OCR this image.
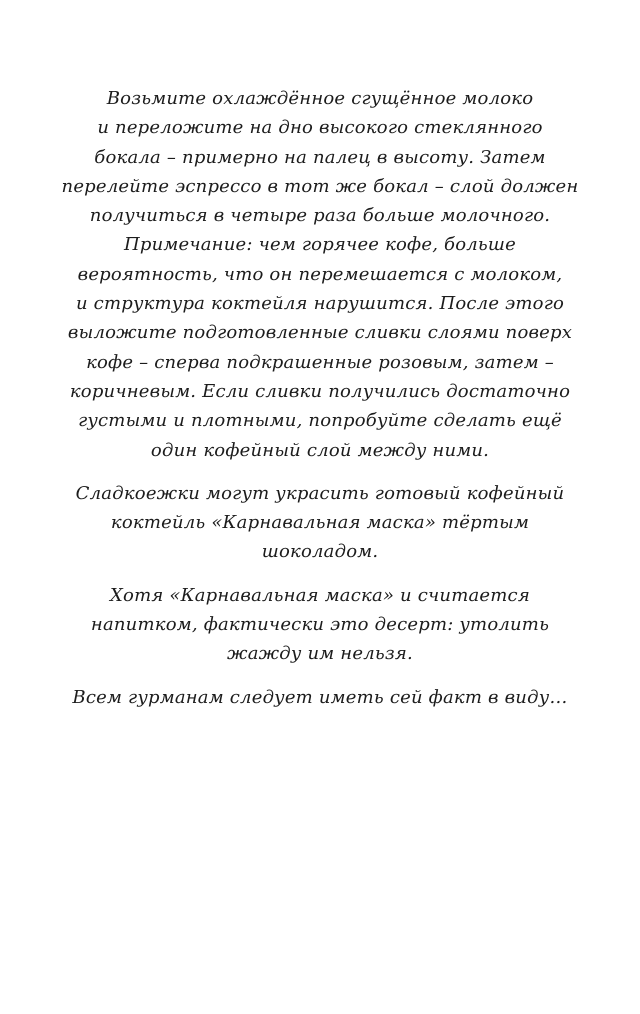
Возьмите охлаждённое сгущённое молоко
и переложите на дно высокого стеклянного
бокала – примерно на палец в высоту. Затем
перелейте эспрессо в тот же бокал – слой должен
получиться в четыре раза больше молочного.
Примечание: чем горячее кофе, больше
вероятность, что он перемешается с молоком,
и структура коктейля нарушится. После этого
выложите подготовленные сливки слоями поверх
кофе – сперва подкрашенные розовым, затем –
коричневым. Если сливки получились достаточно
густыми и плотными, попробуйте сделать ещё
один кофейный слой между ними.

Сладкоежки могут украсить готовый кофейный
коктейль «Карнавальная маска» тёртым
шоколадом.

Хотя «Карнавальная маска» и считается
напитком, фактически это десерт: утолить
жажду им нельзя.

Всем гурманам следует иметь сей факт в виду…
